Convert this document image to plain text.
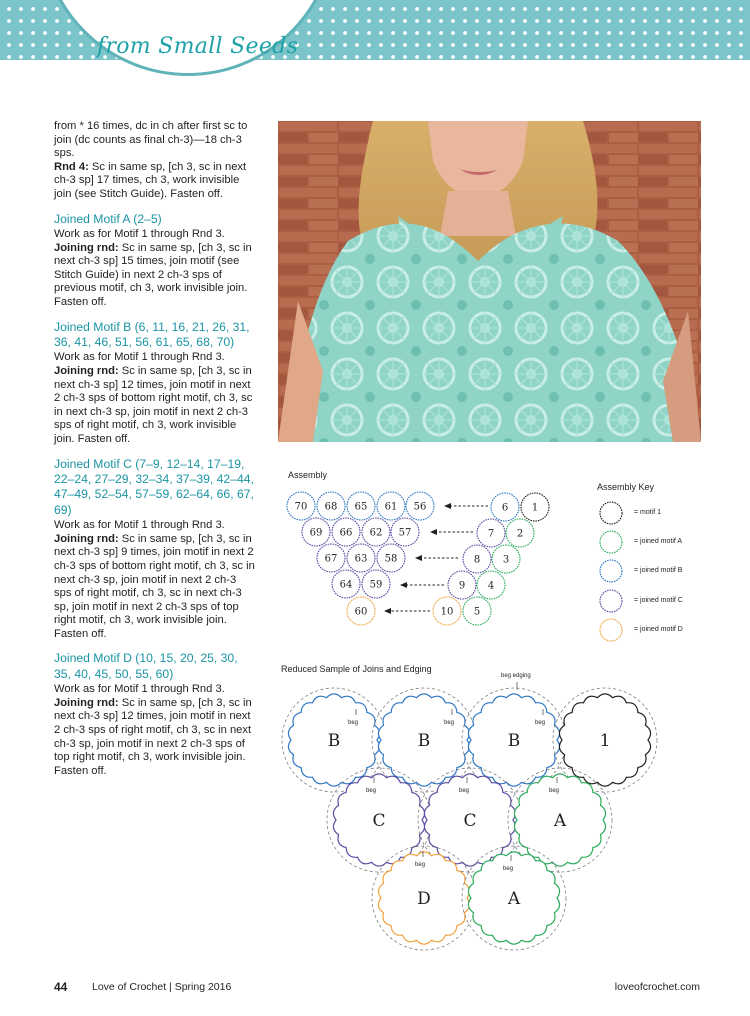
from Small Seeds

from * 16 times, dc in ch after first sc to join (dc counts as final ch-3)—18 ch-3 sps.

Rnd 4: Sc in same sp, [ch 3, sc in next ch-3 sp] 17 times, ch 3, work invisible join (see Stitch Guide). Fasten off.

Joined Motif A (2–5)

Work as for Motif 1 through Rnd 3.

Joining rnd: Sc in same sp, [ch 3, sc in next ch-3 sp] 15 times, join motif (see Stitch Guide) in next 2 ch-3 sps of previous motif, ch 3, work invisible join. Fasten off.

Joined Motif B (6, 11, 16, 21, 26, 31, 36, 41, 46, 51, 56, 61, 65, 68, 70)

Work as for Motif 1 through Rnd 3.

Joining rnd: Sc in same sp, [ch 3, sc in next ch-3 sp] 12 times, join motif in next 2 ch-3 sps of bottom right motif, ch 3, sc in next ch-3 sp, join motif in next 2 ch-3 sps of right motif, ch 3, work invisible join. Fasten off.

Joined Motif C (7–9, 12–14, 17–19, 22–24, 27–29, 32–34, 37–39, 42–44, 47–49, 52–54, 57–59, 62–64, 66, 67, 69)

Work as for Motif 1 through Rnd 3.

Joining rnd: Sc in same sp, [ch 3, sc in next ch-3 sp] 9 times, join motif in next 2 ch-3 sps of bottom right motif, ch 3, sc in next ch-3 sp, join motif in next 2 ch-3 sps of right motif, ch 3, sc in next ch-3 sp, join motif in next 2 ch-3 sps of top right motif, ch 3, work invisible join. Fasten off.

Joined Motif D (10, 15, 20, 25, 30, 35, 40, 45, 50, 55, 60)

Work as for Motif 1 through Rnd 3.

Joining rnd: Sc in same sp, [ch 3, sc in next ch-3 sp] 12 times, join motif in next 2 ch-3 sps of right motif, ch 3, sc in next ch-3 sp, join motif in next 2 ch-3 sps of top right motif, ch 3, work invisible join. Fasten off.

Assembly
70 68 65 61 56
69 66 62 57
67 63 58
64 59
60
6 1
7 2
8 3
9 4
10 5
Assembly Key
= motif 1
= joined motif A
= joined motif B
= joined motif C
= joined motif D
Reduced Sample of Joins and Edging
beg edging
B	B	B	1
C	C	A
D	A
beg	beg	beg
beg	beg	beg
beg
beg
44 Love of Crochet | Spring 2016	loveofcrochet.com
